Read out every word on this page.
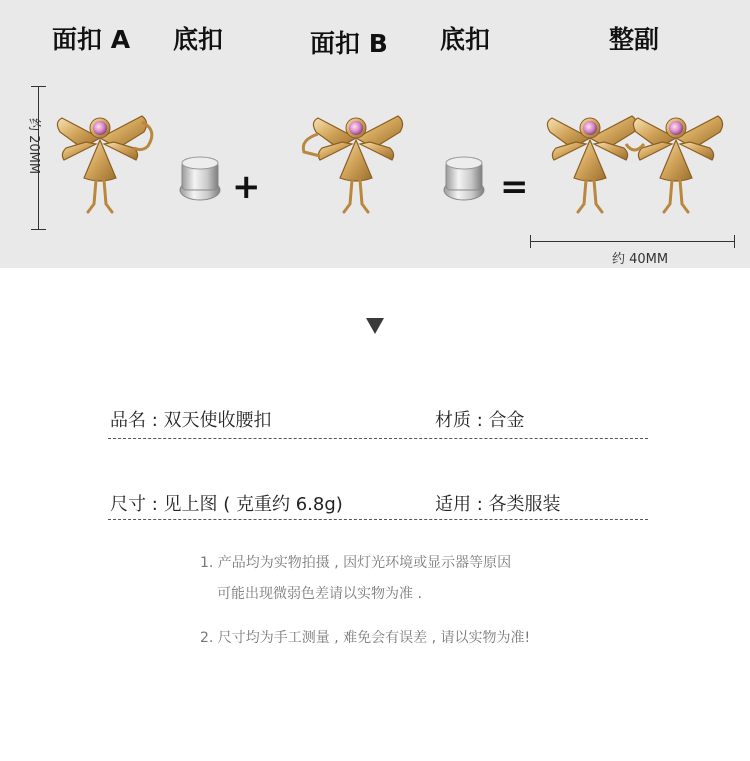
面扣 A 底扣	面扣 B 底扣	整副
约 20MM
+	=
约 40MM
品名 : 双天使收腰扣	材质 : 合金
尺寸 : 见上图 ( 克重约 6.8g)	适用 : 各类服装
1. 产品均为实物拍摄 , 因灯光环境或显示器等原因
可能出现微弱色差请以实物为准 .
2. 尺寸均为手工测量 , 难免会有误差 , 请以实物为准!
